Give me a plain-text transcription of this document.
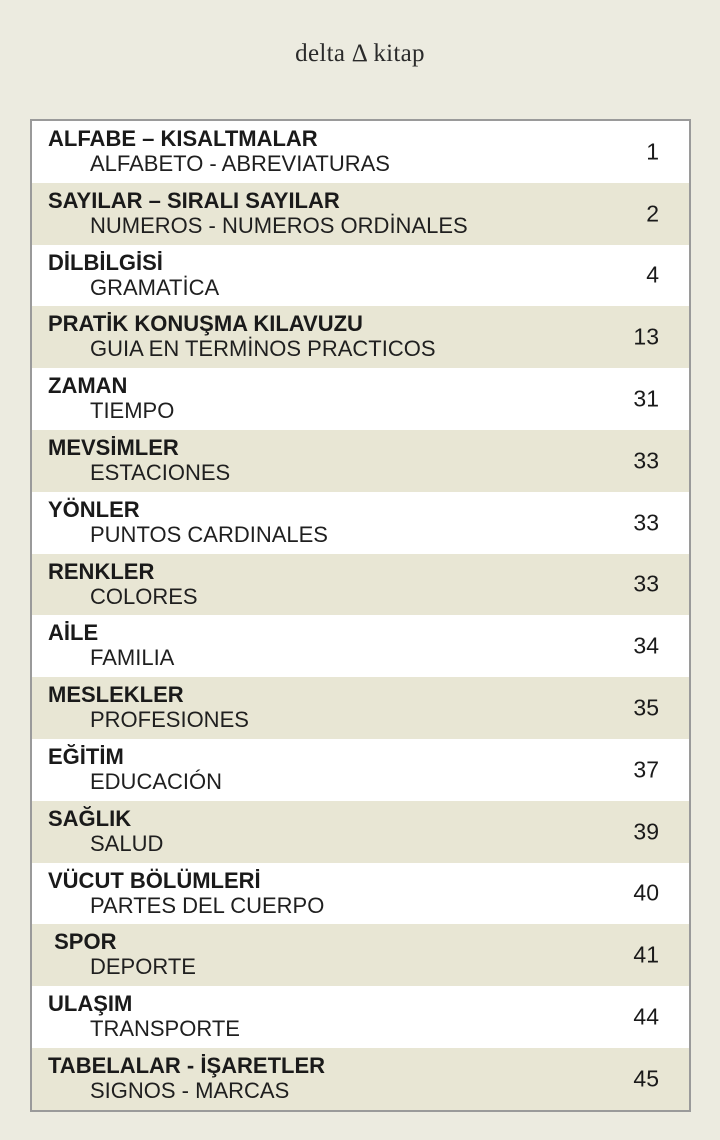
delta Δ kitap
ALFABE – KISALTMALAR
ALFABETO - ABREVIATURAS	1
SAYILAR – SIRALI SAYILAR
NUMEROS - NUMEROS ORDİNALES	2
DİLBİLGİSİ
GRAMATİCA	4
PRATİK KONUŞMA KILAVUZU
GUIA EN TERMİNOS PRACTICOS	13
ZAMAN
TIEMPO	31
MEVSİMLER
ESTACIONES	33
YÖNLER
PUNTOS CARDINALES	33
RENKLER
COLORES	33
AİLE
FAMILIA	34
MESLEKLER
PROFESIONES	35
EĞİTİM
EDUCACIÓN	37
SAĞLIK
SALUD	39
VÜCUT BÖLÜMLERİ
PARTES DEL CUERPO	40
SPOR
DEPORTE	41
ULAŞIM
TRANSPORTE	44
TABELALAR - İŞARETLER
SIGNOS - MARCAS	45
